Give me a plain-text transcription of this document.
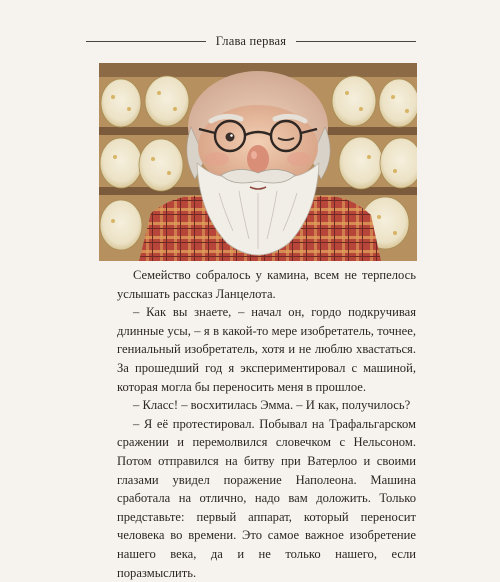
Глава первая

Семейство собралось у камина, всем не терпелось услышать рассказ Ланцелота.

– Как вы знаете, – начал он, гордо подкручивая длинные усы, – я в какой-то мере изобретатель, точнее, гениальный изобретатель, хотя и не люблю хвастаться. За прошедший год я экспериментировал с машиной, которая могла бы переносить меня в прошлое.

– Класс! – восхитилась Эмма. – И как, получилось?

– Я её протестировал. Побывал на Трафальгарском сражении и перемолвился словечком с Нельсоном. Потом отправился на битву при Ватерлоо и своими глазами увидел поражение Наполеона. Машина сработала на отлично, надо вам доложить. Только представьте: первый аппарат, который переносит человека во времени. Это самое важное изобретение нашего века, да и не только нашего, если поразмыслить.
